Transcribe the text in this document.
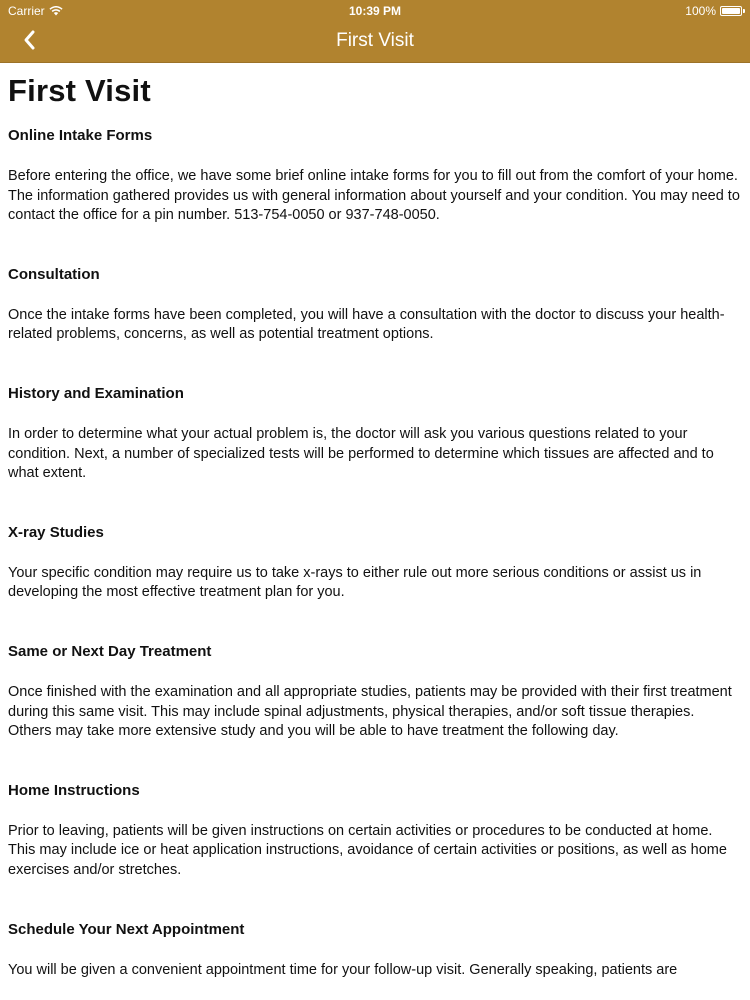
Carrier	10:39 PM	100%
First Visit
First Visit
Online Intake Forms

Before entering the office, we have some brief online intake forms for you to fill out from the comfort of your home. The information gathered provides us with general information about yourself and your condition. You may need to contact the office for a pin number. 513-754-0050 or 937-748-0050.

Consultation

Once the intake forms have been completed, you will have a consultation with the doctor to discuss your health-related problems, concerns, as well as potential treatment options.

History and Examination

In order to determine what your actual problem is, the doctor will ask you various questions related to your condition. Next, a number of specialized tests will be performed to determine which tissues are affected and to what extent.

X-ray Studies

Your specific condition may require us to take x-rays to either rule out more serious conditions or assist us in developing the most effective treatment plan for you.

Same or Next Day Treatment

Once finished with the examination and all appropriate studies, patients may be provided with their first treatment during this same visit. This may include spinal adjustments, physical therapies, and/or soft tissue therapies. Others may take more extensive study and you will be able to have treatment the following day.

Home Instructions

Prior to leaving, patients will be given instructions on certain activities or procedures to be conducted at home. This may include ice or heat application instructions, avoidance of certain activities or positions, as well as home exercises and/or stretches.

Schedule Your Next Appointment

You will be given a convenient appointment time for your follow-up visit. Generally speaking, patients are
